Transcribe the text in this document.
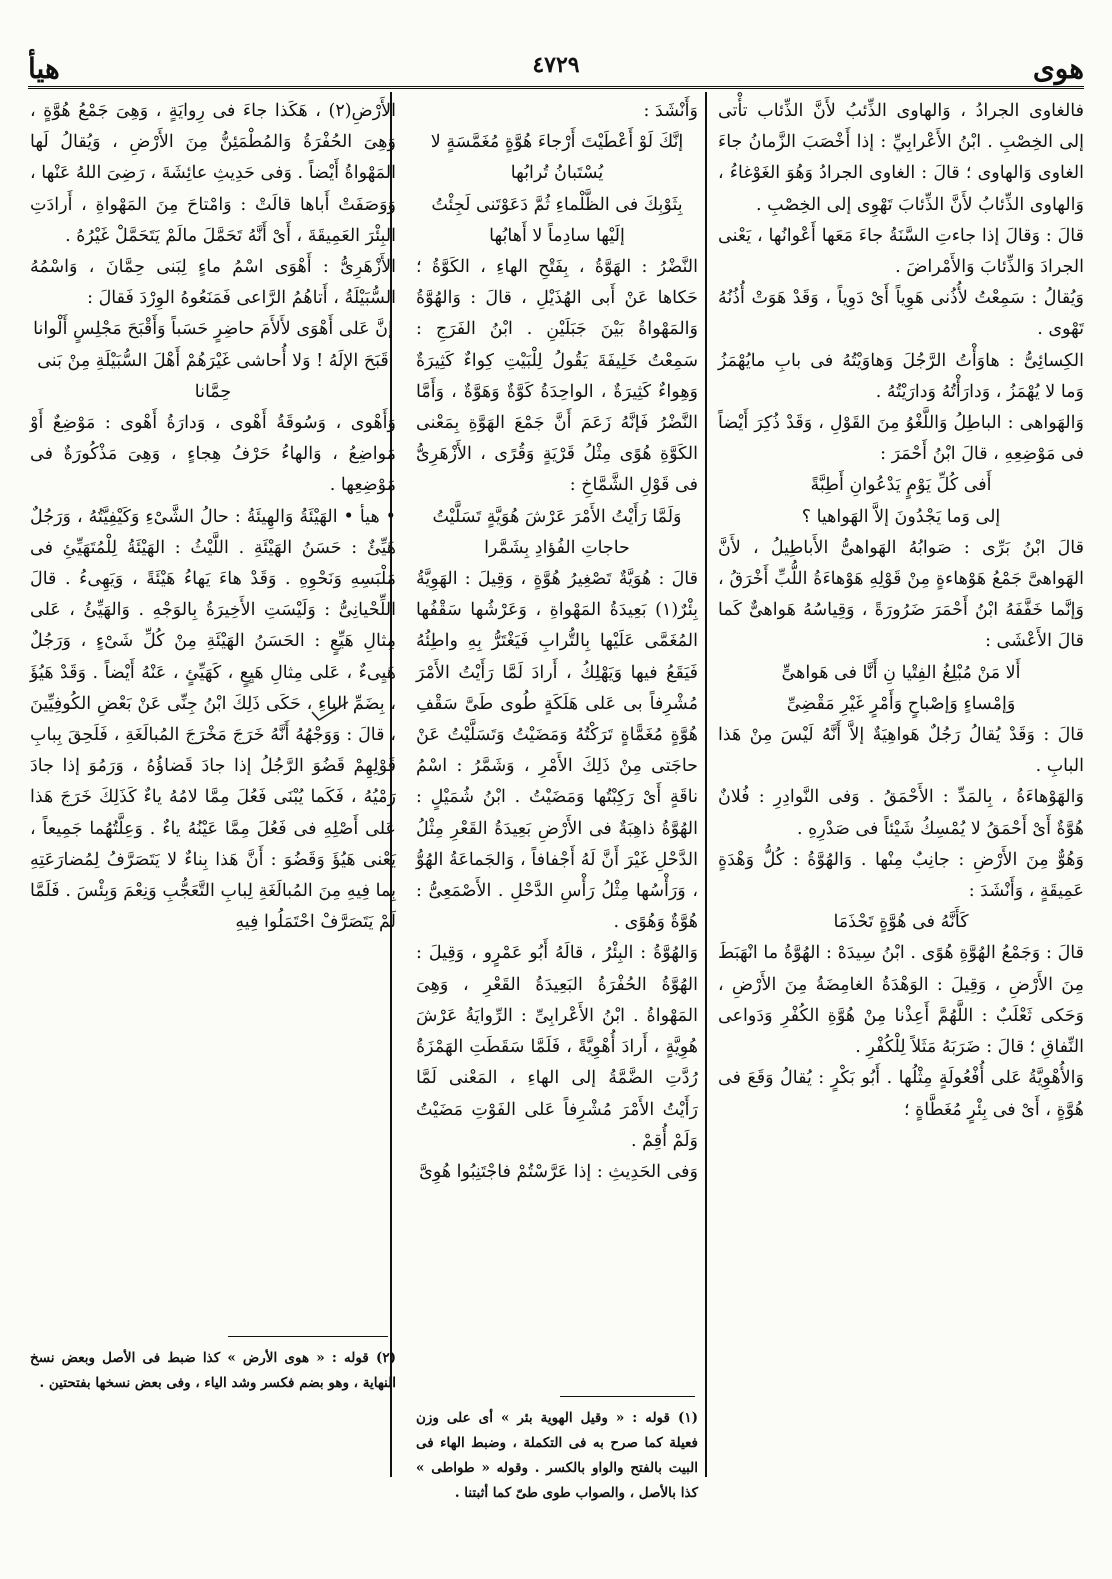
هوى
٤٧٢٩
هيأ

فالغاوى الجرادُ ، وَالهاوى الذِّئبُ لأَنَّ الذِّئاب تأْتى إلى الخِصْبِ . ابْنُ الأَعْرابِيِّ : إذا أَخْصَبَ الزَّمانُ جاءَ الغاوى وَالهاوى ؛ قالَ : الغاوى الجرادُ وَهُوَ الغَوْغاءُ ، وَالهاوى الذِّئابُ لأَنَّ الذِّئابَ تَهْوِى إلى الخِصْبِ .

قالَ : وَقالَ إذا جاءتِ السَّنَةُ جاءَ مَعَها أَعْوانُها ، يَعْنى الجرادَ وَالذِّئابَ وَالأَمْراضَ .

وَيُقالُ : سَمِعْتُ لأُذُنى هَوِياً أَىْ دَوِياً ، وَقَدْ هَوَتْ أُذُنُهُ تَهْوى .

الكِسائِىُّ : هاوَأْتُ الرَّجُلَ وَهاوَيْتُهُ فى بابِ مايُهْمَزُ وَما لا يُهْمَزُ ، وَدارَأْتُهُ وَدارَيْتُهُ .

وَالهَواهى : الباطِلُ وَاللَّغْوُ مِنَ القَوْلِ ، وَقَدْ ذُكِرَ أَيْضاً فى مَوْضِعِهِ ، قالَ ابْنُ أَحْمَرَ :

أَفى كُلِّ يَوْمٍ يَدْعُوانِ أَطِبَّةً

إلى وَما يَجْدُونَ إلاَّ الهَواهيا ؟

قالَ ابْنُ بَرِّى : صَوابُهُ الهَواهىُّ الأَباطِيلُ ، لأَنَّ الهَواهىَّ جَمْعُ هَوْهاءةٍ مِنْ قَوْلِهِ هَوْهاءَةُ اللُّبِّ أَخْرَقُ ، وَإنَّما خَفَّفَهُ ابْنُ أَحْمَرَ ضَرُورَةً ، وَقِياسُهُ هَواهىٌّ كَما قالَ الأَعْشَى :

أَلا مَنْ مُبْلِغُ الفِتْيا نِ أَنَّا فى هَواهىٍّ

وَإمْساءٍ وَإصْباحٍ وَأَمْرٍ غَيْرِ مَقْضِىِّ

قالَ : وَقَدْ يُقالُ رَجُلٌ هَواهِيَةٌ إلاَّ أَنَّهُ لَيْسَ مِنْ هَذا البابِ .

وَالهَوْهاءَةُ ، بِالمَدِّ : الأَحْمَقُ . وَفى النَّوادِرِ : فُلانٌ هُوَّةٌ أَىْ أَحْمَقُ لا يُمْسِكُ شَيْئاً فى صَدْرِهِ .

وَهُوٌّ مِنَ الأَرْضِ : جانِبٌ مِنْها . وَالهُوَّةُ : كُلُّ وَهْدَةٍ عَمِيقَةٍ ، وَأَنْشَدَ :

كَأَنَّهُ فى هُوَّةٍ تَحْذَمَا

قالَ : وَجَمْعُ الهُوَّةِ هُوًى . ابْنُ سِيدَهْ : الهُوَّةُ ما انْهَبَطَ مِنَ الأَرْضِ ، وَقِيلَ : الوَهْدَةُ الغامِضَةُ مِنَ الأَرْضِ ، وَحَكى ثَعْلَبٌ : اللَّهُمَّ أَعِذْنا مِنْ هُوَّةِ الكُفْرِ وَدَواعى النِّفاقِ ؛ قالَ : ضَرَبَهُ مَثَلاً لِلْكُفْرِ .

وَالأُهْوِيَّةُ عَلى أُفْعُولَةٍ مِثْلُها . أَبُو بَكْرٍ : يُقالُ وَقَعَ فى هُوَّةٍ ، أَىْ فى بِئْرٍ مُغَطَّاةٍ ؛

وَأَنْشَدَ :

إنَّكَ لَوْ أَعْطَيْتَ أَرْجاءَ هُوَّةٍ مُغَمَّسَةٍ لا يُسْتَبانُ تُرابُها

بِثَوْبِكَ فى الظَّلْماءِ ثُمَّ دَعَوْتَنى لَجِئْتُ إلَيْها سادِماً لا أَهابُها

النَّضْرُ : الهَوَّةُ ، بِفَتْحِ الهاءِ ، الكَوَّةُ ؛ حَكاها عَنْ أَبى الهُذَيْلِ ، قالَ : وَالهُوَّةُ وَالمَهْواةُ بَيْنَ جَبَلَيْنِ . ابْنُ الفَرَجِ : سَمِعْتُ خَلِيفَةَ يَقُولُ لِلْبَيْتِ كِواءٌ كَثِيرَةٌ وَهِواءٌ كَثِيرَةٌ ، الواحِدَةُ كَوَّةٌ وَهَوَّةٌ ، وَأَمَّا النَّضْرُ فَإنَّهُ زَعَمَ أَنَّ جَمْعَ الهَوَّةِ بِمَعْنى الكَوَّةِ هُوًى مِثْلُ قَرْيَةٍ وَقُرًى ، الأَزْهَرِىُّ فى قَوْلِ الشَّمَّاخِ :

وَلَمَّا رَأَيْتُ الأَمْرَ عَرْشَ هُوَيَّةٍ تَسَلَّيْتُ حاجاتِ الفُؤادِ بِشَمَّرا

قالَ : هُوَيَّةٌ تَصْغِيرُ هُوَّةٍ ، وَقِيلَ : الهَوِيَّةُ بِئْرٌ(١) بَعِيدَةُ المَهْواةِ ، وَعَرْشُها سَقْفُها المُغَمَّى عَلَيْها بِالتُّرابِ فَيَغْتَرُّ بِهِ واطِئُهُ فَيَقَعُ فيها وَيَهْلِكُ ، أَرادَ لَمَّا رَأَيْتُ الأَمْرَ مُشْرِفاً بى عَلى هَلَكَةٍ طُوى طَىَّ سَقْفِ هُوَّةٍ مُغَمًّاةٍ تَرَكْتُهُ وَمَضَيْتُ وَتَسَلَّيْتُ عَنْ حاجَتى مِنْ ذَلِكَ الأَمْرِ ، وَشَمَّرُ : اسْمُ ناقَةٍ أَىْ رَكِبْتُها وَمَضَيْتُ . ابْنُ شُمَيْلٍ : الهُوَّةُ ذاهِبَةٌ فى الأَرْضِ بَعِيدَةُ القَعْرِ مِثْلُ الدَّحْلِ غَيْرَ أَنَّ لَهُ أَجْفافاً ، وَالجَماعَةُ الهُوُّ ، وَرَأْسُها مِثْلُ رَأْسِ الدَّحْلِ . الأَصْمَعِىُّ : هُوَّةٌ وَهُوًى .

وَالهُوَّةُ : البِئْرُ ، قالَهُ أَبُو عَمْرٍو ، وَقِيلَ : الهُوَّةُ الحُفْرَةُ البَعِيدَةُ القَعْرِ ، وَهِىَ المَهْواةُ . ابْنُ الأَعْرابِىِّ : الرِّوايَةُ عَرْشَ هُوِيَّةٍ ، أَرادَ أُهْوِيَّةً ، فَلَمَّا سَقَطَتِ الهَمْزَةُ رُدَّتِ الضَّمَّةُ إلى الهاءِ ، المَعْنى لَمَّا رَأَيْتُ الأَمْرَ مُشْرِفاً عَلى الفَوْتِ مَضَيْتُ وَلَمْ أُقِمْ .

وَفى الحَدِيثِ : إذا عَرَّسْتُمْ فاجْتَنِبُوا هُوِىَّ

الأَرْضِ(٢) ، هَكَذا جاءَ فى رِوايَةٍ ، وَهِىَ جَمْعُ هُوَّةٍ ، وَهِىَ الحُفْرَةُ وَالمُطْمَئِنُّ مِنَ الأَرْضِ ، وَيُقالُ لَها المَهْواةُ أَيْضاً . وَفى حَدِيثِ عائِشَةَ ، رَضِىَ اللهُ عَنْها ، وَوَصَفَتْ أَباها قالَتْ : وَامْتاحَ مِنَ المَهْواةِ ، أَرادَتِ البِئْرَ العَمِيقَةَ ، أَىْ أَنَّهُ تَحَمَّلَ مالَمْ يَتَحَمَّلْ غَيْرُهُ .

الأَزْهَرِىُّ : أَهْوَى اسْمُ ماءٍ لِبَنى حِمَّانَ ، وَاسْمُهُ السُّبَيْلَةُ ، أَتاهُمُ الرَّاعى فَمَنَعُوهُ الوِرْدَ فَقالَ :

إنَّ عَلى أَهْوَى لأَلأَمَ حاضِرٍ حَسَباً وَأَقْبَحَ مَجْلِسٍ أَلْوانا

قَبَحَ الإلَهُ ! وَلا أُحاشى غَيْرَهُمْ أَهْلَ السُّبَيْلَةِ مِنْ بَنى حِمَّانا

وَأَهْوى ، وَسُوقَةُ أَهْوى ، وَدارَةُ أَهْوى : مَوْضِعٌ أَوْ مَواضِعُ ، وَالهاءُ حَرْفُ هِجاءٍ ، وَهِىَ مَذْكُورَةٌ فى مَوْضِعِها .

• هيأ • الهَيْئَةُ وَالهِيئَةُ : حالُ الشَّىْءِ وَكَيْفِيَّتُهُ ، وَرَجُلٌ هَيِّئٌ : حَسَنُ الهَيْئَةِ . اللَّيْثُ : الهَيْئَةُ لِلْمُتَهَيِّئِ فى مَلْبَسِهِ وَنَحْوِهِ . وَقَدْ هاءَ يَهاءُ هَيْئَةً ، وَيَهِىءُ . قالَ اللِّحْيانِىُّ : وَلَيْسَتِ الأَخِيرَةُ بِالوَجْهِ . وَالهَيِّئُ ، عَلى مِثالِ هَيِّعٍ : الحَسَنُ الهَيْئَةِ مِنْ كُلِّ شَىْءٍ ، وَرَجُلٌ هَيِىءٌ ، عَلى مِثالِ هَيِعٍ ، كَهَيِّئٍ ، عَنْهُ أَيْضاً . وَقَدْ هَيُؤَ ، بِضَمِّ الياءِ ، حَكَى ذَلِكَ ابْنُ جِنِّى عَنْ بَعْضِ الكُوفِيِّينَ ، قالَ : وَوَجْهُهُ أَنَّهُ خَرَجَ مَخْرَجَ المُبالَغَةِ ، فَلَحِقَ بِبابِ قَوْلِهِمْ قَضُوَ الرَّجُلُ إذا جادَ قَضاؤُهُ ، وَرَمُوَ إذا جادَ رَمْيُهُ ، فَكَما يُبْنَى فَعُلَ مِمَّا لامُهُ ياءٌ كَذَلِكَ خَرَجَ هَذا عَلى أَصْلِهِ فى فَعُلَ مِمَّا عَيْنُهُ ياءٌ . وَعِلَّتُهُما جَمِيعاً ، يَعْنى هَيُؤَ وَقَضُوَ : أَنَّ هَذا بِناءٌ لا يَتَصَرَّفُ لِمُضارَعَتِهِ بِما فِيهِ مِنَ المُبالَغَةِ لِبابِ التَّعَجُّبِ وَنِعْمَ وَبِئْسَ . فَلَمَّا لَمْ يَتَصَرَّفْ احْتَمَلُوا فِيهِ

(١) قوله : « وقيل الهوية بئر » أى على وزن فعيلة كما صرح به فى التكملة ، وضبط الهاء فى البيت بالفتح والواو بالكسر . وقوله « طواطى » كذا بالأصل ، والصواب طوى طىّ كما أثبتنا .
(٢) قوله : « هوى الأرض » كذا ضبط فى الأصل وبعض نسخ النهاية ، وهو بضم فكسر وشد الياء ، وفى بعض نسخها بفتحتين .
